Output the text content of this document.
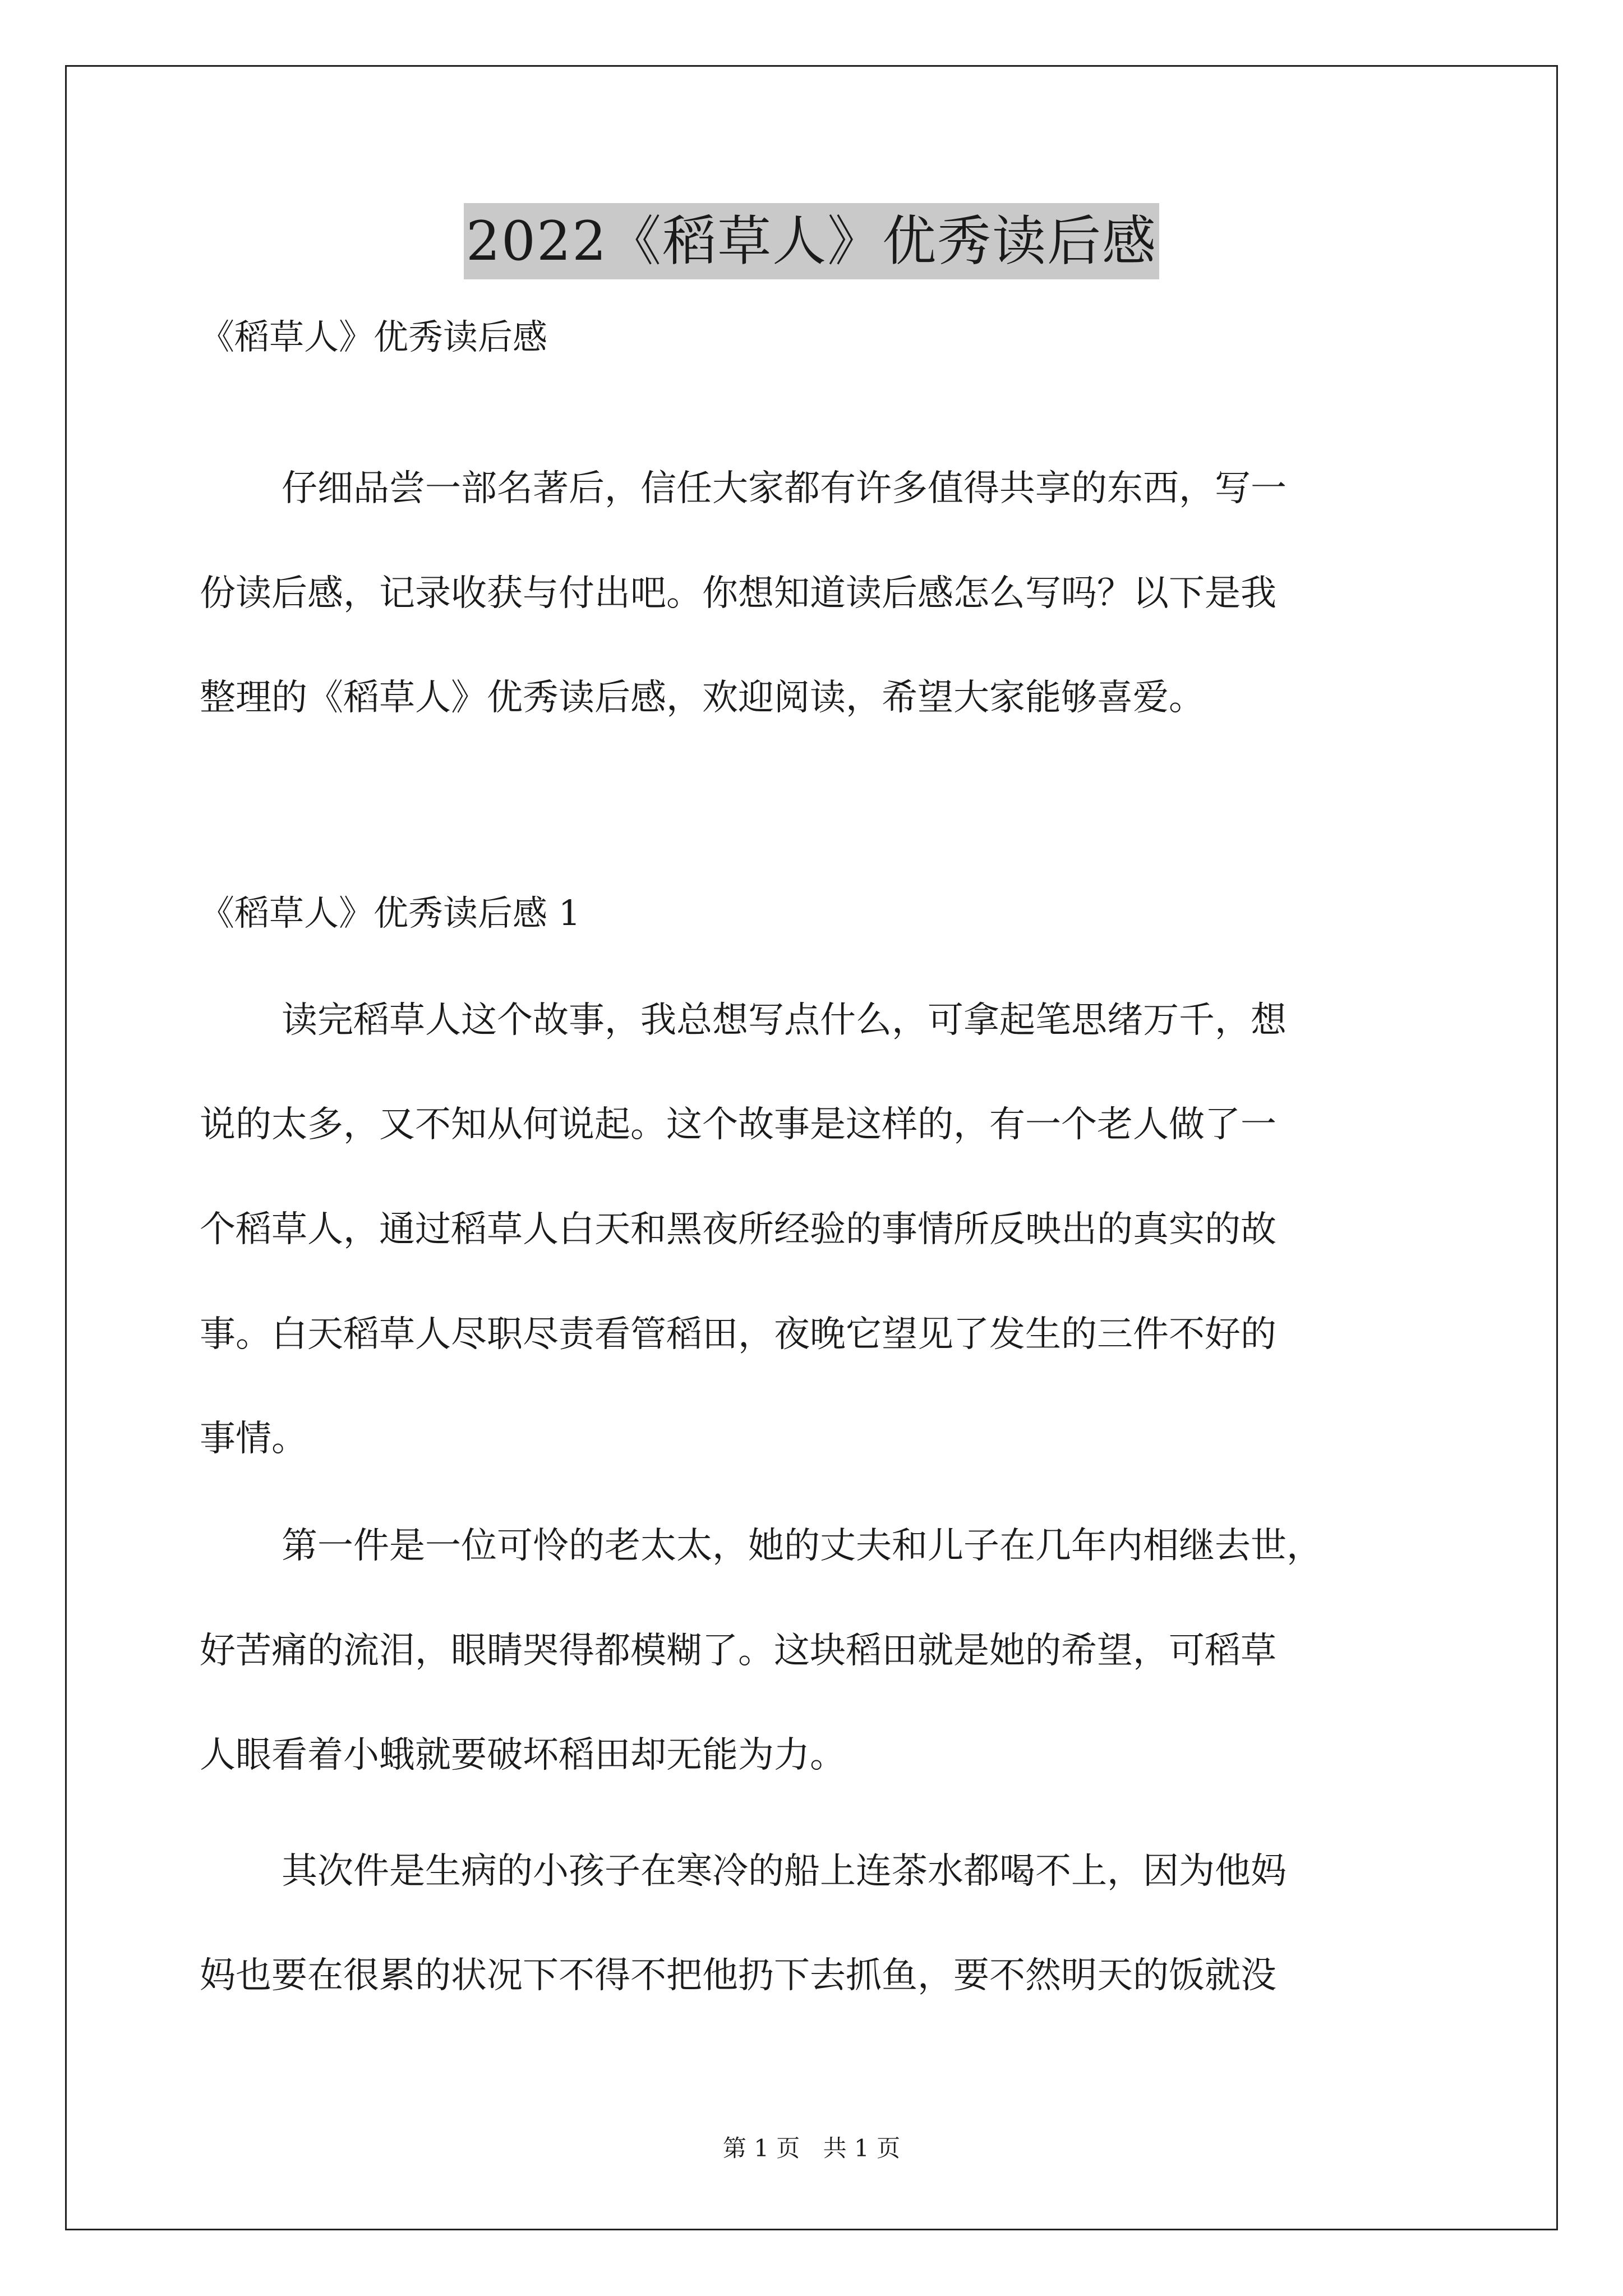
2022《稻草人》优秀读后感
《稻草人》优秀读后感
仔细品尝一部名著后，信任大家都有许多值得共享的东西，写一
份读后感，记录收获与付出吧。你想知道读后感怎么写吗？以下是我
整理的《稻草人》优秀读后感，欢迎阅读，希望大家能够喜爱。
《稻草人》优秀读后感 1
读完稻草人这个故事，我总想写点什么，可拿起笔思绪万千，想
说的太多，又不知从何说起。这个故事是这样的，有一个老人做了一
个稻草人，通过稻草人白天和黑夜所经验的事情所反映出的真实的故
事。白天稻草人尽职尽责看管稻田，夜晚它望见了发生的三件不好的
事情。
第一件是一位可怜的老太太，她的丈夫和儿子在几年内相继去世，
好苦痛的流泪，眼睛哭得都模糊了。这块稻田就是她的希望，可稻草
人眼看着小蛾就要破坏稻田却无能为力。
其次件是生病的小孩子在寒冷的船上连茶水都喝不上，因为他妈
妈也要在很累的状况下不得不把他扔下去抓鱼，要不然明天的饭就没
第 1 页 共 1 页
